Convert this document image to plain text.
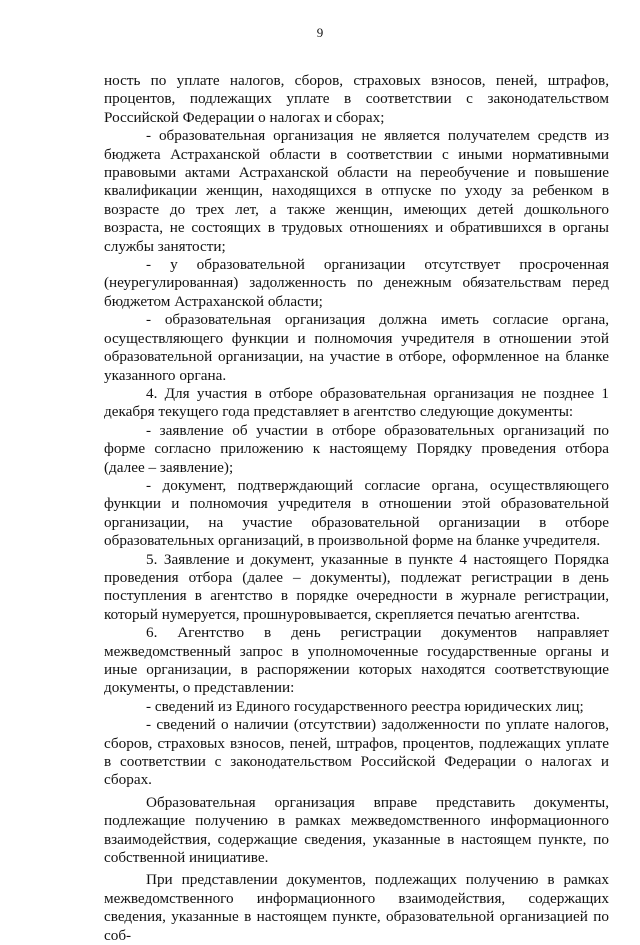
9

ность по уплате налогов, сборов, страховых взносов, пеней, штрафов, процентов, подлежащих уплате в соответствии с законодательством Российской Федерации о налогах и сборах;

- образовательная организация не является получателем средств из бюджета Астраханской области в соответствии с иными нормативными правовыми актами Астраханской области на переобучение и повышение квалификации женщин, находящихся в отпуске по уходу за ребенком в возрасте до трех лет, а также женщин, имеющих детей дошкольного возраста, не состоящих в трудовых отношениях и обратившихся в органы службы занятости;

- у образовательной организации отсутствует просроченная (неурегулированная) задолженность по денежным обязательствам перед бюджетом Астраханской области;

- образовательная организация должна иметь согласие органа, осуществляющего функции и полномочия учредителя в отношении этой образовательной организации, на участие в отборе, оформленное на бланке указанного органа.

4. Для участия в отборе образовательная организация не позднее 1 декабря текущего года представляет в агентство следующие документы:

- заявление об участии в отборе образовательных организаций по форме согласно приложению к настоящему Порядку проведения отбора (далее – заявление);

- документ, подтверждающий согласие органа, осуществляющего функции и полномочия учредителя в отношении этой образовательной организации, на участие образовательной организации в отборе образовательных организаций, в произвольной форме на бланке учредителя.

5. Заявление и документ, указанные в пункте 4 настоящего Порядка проведения отбора (далее – документы), подлежат регистрации в день поступления в агентство в порядке очередности в журнале регистрации, который нумеруется, прошнуровывается, скрепляется печатью агентства.

6. Агентство в день регистрации документов направляет межведомственный запрос в уполномоченные государственные органы и иные организации, в распоряжении которых находятся соответствующие документы, о представлении:

- сведений из Единого государственного реестра юридических лиц;

- сведений о наличии (отсутствии) задолженности по уплате налогов, сборов, страховых взносов, пеней, штрафов, процентов, подлежащих уплате в соответствии с законодательством Российской Федерации о налогах и сборах.

Образовательная организация вправе представить документы, подлежащие получению в рамках межведомственного информационного взаимодействия, содержащие сведения, указанные в настоящем пункте, по собственной инициативе.

При представлении документов, подлежащих получению в рамках межведомственного информационного взаимодействия, содержащих сведения, указанные в настоящем пункте, образовательной организацией по соб-
